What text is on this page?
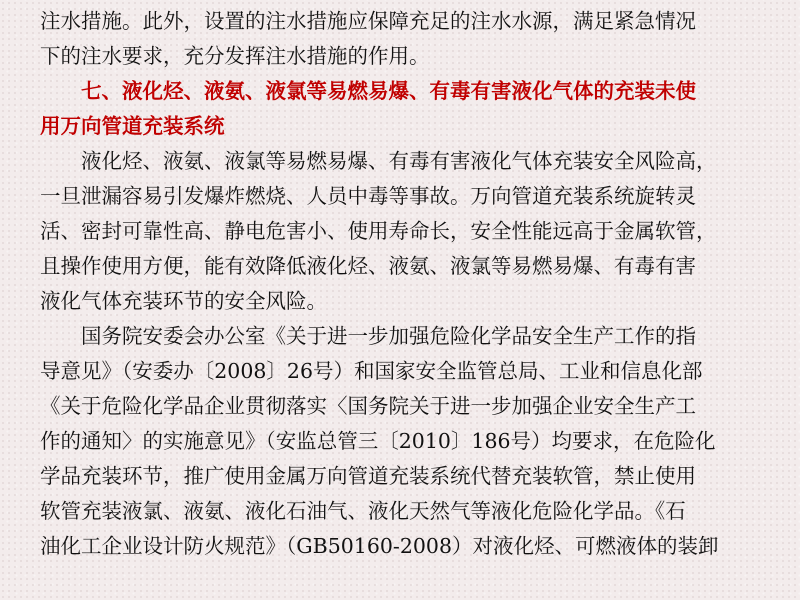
注水措施。此外，设置的注水措施应保障充足的注水水源，满足紧急情况
下的注水要求，充分发挥注水措施的作用。
七、液化烃、液氨、液氯等易燃易爆、有毒有害液化气体的充装未使
用万向管道充装系统
液化烃、液氨、液氯等易燃易爆、有毒有害液化气体充装安全风险高，
一旦泄漏容易引发爆炸燃烧、人员中毒等事故。万向管道充装系统旋转灵
活、密封可靠性高、静电危害小、使用寿命长，安全性能远高于金属软管，
且操作使用方便，能有效降低液化烃、液氨、液氯等易燃易爆、有毒有害
液化气体充装环节的安全风险。
国务院安委会办公室《关于进一步加强危险化学品安全生产工作的指
导意见》（安委办〔2008〕26号）和国家安全监管总局、工业和信息化部
《关于危险化学品企业贯彻落实〈国务院关于进一步加强企业安全生产工
作的通知〉的实施意见》（安监总管三〔2010〕186号）均要求，在危险化
学品充装环节，推广使用金属万向管道充装系统代替充装软管，禁止使用
软管充装液氯、液氨、液化石油气、液化天然气等液化危险化学品。《石
油化工企业设计防火规范》（GB50160-2008）对液化烃、可燃液体的装卸
